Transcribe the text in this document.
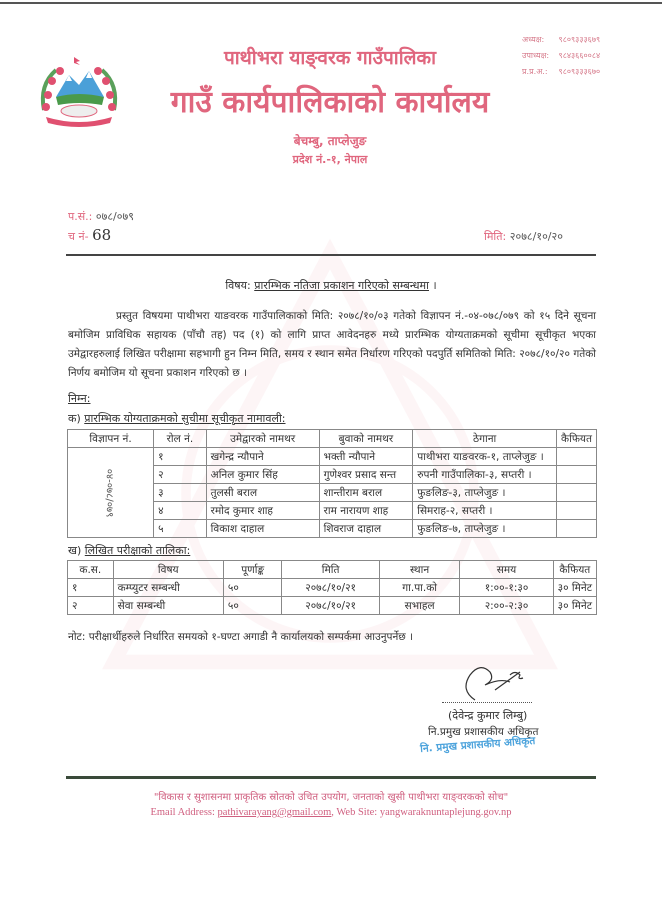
पाथीभरा याङ्वरक गाउँपालिका
गाउँ कार्यपालिकाको कार्यालय
बेचम्बु, ताप्लेजुङ
प्रदेश नं.-१, नेपाल
अध्यक्ष: ९८०९३३३६७९
उपाध्यक्ष: ९८४३६६००८४
प्र.प्र.अ.: ९८०९३३३६७०
प.सं.: ०७८/०७९
च नं- 68	मिति: २०७८/१०/२०
विषय: प्रारम्भिक नतिजा प्रकाशन गरिएको सम्बन्धमा ।

प्रस्तुत विषयमा पाथीभरा याङवरक गाउँपालिकाको मिति: २०७८/१०/०३ गतेको विज्ञापन नं.-०४-०७८/०७९ को १५ दिने सूचना बमोजिम प्राविधिक सहायक (पाँचौ तह) पद (१) को लागि प्राप्त आवेदनहरु मध्ये प्रारम्भिक योग्यताक्रमको सूचीमा सूचीकृत भएका उमेद्वारहरुलाई लिखित परीक्षामा सहभागी हुन निम्न मिति, समय र स्थान समेत निर्धारण गरिएको पदपुर्ति समितिको मिति: २०७८/१०/२० गतेको निर्णय बमोजिम यो सूचना प्रकाशन गरिएको छ ।

निम्न:
क) प्रारम्भिक योग्यताक्रमको सुचीमा सूचीकृत नामावली:
विज्ञापन नं.	रोल नं.	उमेद्वारको नामथर	बुवाको नामथर	ठेगाना	कैफियत
०४-०७८/०७९	१	खगेन्द्र न्यौपाने	भक्ती न्यौपाने	पाथीभरा याङवरक-१, ताप्लेजुङ ।	
	२	अनिल कुमार सिंह	गुणेश्वर प्रसाद सन्त	रुपनी गाउँपालिका-३, सप्तरी ।	
	३	तुलसी बराल	शान्तीराम बराल	फुङलिङ-३, ताप्लेजुङ ।	
	४	रमोद कुमार शाह	राम नारायण शाह	सिमराह-२, सप्तरी ।	
	५	विकाश दाहाल	शिवराज दाहाल	फुङलिङ-७, ताप्लेजुङ ।	
ख) लिखित परीक्षाको तालिका:
क.स.	विषय	पूर्णाङ्क	मिति	स्थान	समय	कैफियत
१	कम्प्युटर सम्बन्धी	५०	२०७८/१०/२१	गा.पा.को	१:००-१:३०	३० मिनेट
२	सेवा सम्बन्धी	५०	२०७८/१०/२१	सभाहल	२:००-२:३०	३० मिनेट
नोट: परीक्षार्थीहरुले निर्धारित समयको १-घण्टा अगाडी नै कार्यालयको सम्पर्कमा आउनुपर्नेछ ।
(देवेन्द्र कुमार लिम्बु)
नि.प्रमुख प्रशासकीय अधिकृत
नि. प्रमुख प्रशासकीय अधिकृत
"विकास र सुशासनमा प्राकृतिक स्रोतको उचित उपयोग, जनताको खुसी पाथीभरा याङ्वरककाे सोच"
Email Address: pathivarayang@gmail.com, Web Site: yangwaraknuntaplejung.gov.np
